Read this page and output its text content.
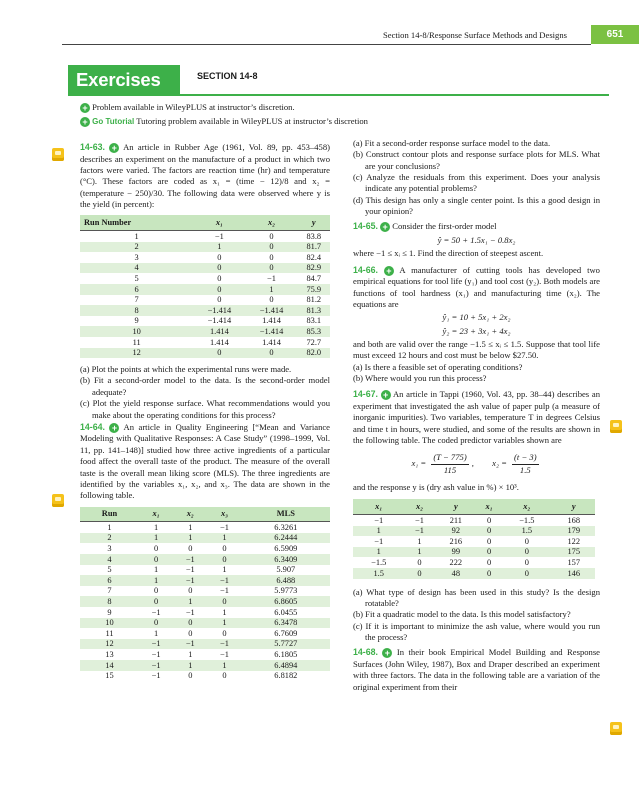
Section 14-8/Response Surface Methods and Designs	651
Exercises	SECTION 14-8
+ Problem available in WileyPLUS at instructor’s discretion.
+ Go Tutorial Tutoring problem available in WileyPLUS at instructor’s discretion

14-63. + An article in Rubber Age (1961, Vol. 89, pp. 453–458) describes an experiment on the manufacture of a product in which two factors were varied. The factors are reaction time (hr) and temperature (°C). These factors are coded as x₁ = (time − 12)/8 and x₂ = (temperature − 250)/30. The following data were observed where y is the yield (in percent):

Run Number	x₁	x₂	y
1	−1	0	83.8
2	1	0	81.7
3	0	0	82.4
4	0	0	82.9
5	0	−1	84.7
6	0	1	75.9
7	0	0	81.2
8	−1.414	−1.414	81.3
9	−1.414	1.414	83.1
10	1.414	−1.414	85.3
11	1.414	1.414	72.7
12	0	0	82.0
(a) Plot the points at which the experimental runs were made.
(b) Fit a second-order model to the data. Is the second-order model adequate?
(c) Plot the yield response surface. What recommendations would you make about the operating conditions for this process?

14-64. + An article in Quality Engineering [“Mean and Variance Modeling with Qualitative Responses: A Case Study” (1998–1999, Vol. 11, pp. 141–148)] studied how three active ingredients of a particular food affect the overall taste of the product. The measure of the overall taste is the overall mean liking score (MLS). The three ingredients are identified by the variables x₁, x₂, and x₃. The data are shown in the following table.

Run	x₁	x₂	x₃	MLS
1	1	1	−1	6.3261
2	1	1	1	6.2444
3	0	0	0	6.5909
4	0	−1	0	6.3409
5	1	−1	1	5.907
6	1	−1	−1	6.488
7	0	0	−1	5.9773
8	0	1	0	6.8605
9	−1	−1	1	6.0455
10	0	0	1	6.3478
11	1	0	0	6.7609
12	−1	−1	−1	5.7727
13	−1	1	−1	6.1805
14	−1	1	1	6.4894
15	−1	0	0	6.8182
(a) Fit a second-order response surface model to the data.
(b) Construct contour plots and response surface plots for MLS. What are your conclusions?
(c) Analyze the residuals from this experiment. Does your analysis indicate any potential problems?
(d) This design has only a single center point. Is this a good design in your opinion?

14-65. + Consider the first-order model

ŷ = 50 + 1.5x₁ − 0.8x₂

where −1 ≤ xᵢ ≤ 1. Find the direction of steepest ascent.

14-66. + A manufacturer of cutting tools has developed two empirical equations for tool life (y₁) and tool cost (y₂). Both models are functions of tool hardness (x₁) and manufacturing time (x₂). The equations are

ŷ₁ = 10 + 5x₁ + 2x₂
ŷ₂ = 23 + 3x₁ + 4x₂

and both are valid over the range −1.5 ≤ xᵢ ≤ 1.5. Suppose that tool life must exceed 12 hours and cost must be below $27.50.

(a) Is there a feasible set of operating conditions?
(b) Where would you run this process?

14-67. + An article in Tappi (1960, Vol. 43, pp. 38–44) describes an experiment that investigated the ash value of paper pulp (a measure of inorganic impurities). Two variables, temperature T in degrees Celsius and time t in hours, were studied, and some of the results are shown in the following table. The coded predictor variables shown are

$x_1 = \frac{(T - 775)}{115}$ ,  $x_2 = \frac{(t - 3)}{1.5}$

and the response y is (dry ash value in %) × 10³.

x₁	x₂	y	x₁	x₂	y
−1	−1	211	0	−1.5	168
1	−1	92	0	1.5	179
−1	1	216	0	0	122
1	1	99	0	0	175
−1.5	0	222	0	0	157
1.5	0	48	0	0	146
(a) What type of design has been used in this study? Is the design rotatable?
(b) Fit a quadratic model to the data. Is this model satisfactory?
(c) If it is important to minimize the ash value, where would you run the process?

14-68. + In their book Empirical Model Building and Response Surfaces (John Wiley, 1987), Box and Draper described an experiment with three factors. The data in the following table are a variation of the original experiment from their
